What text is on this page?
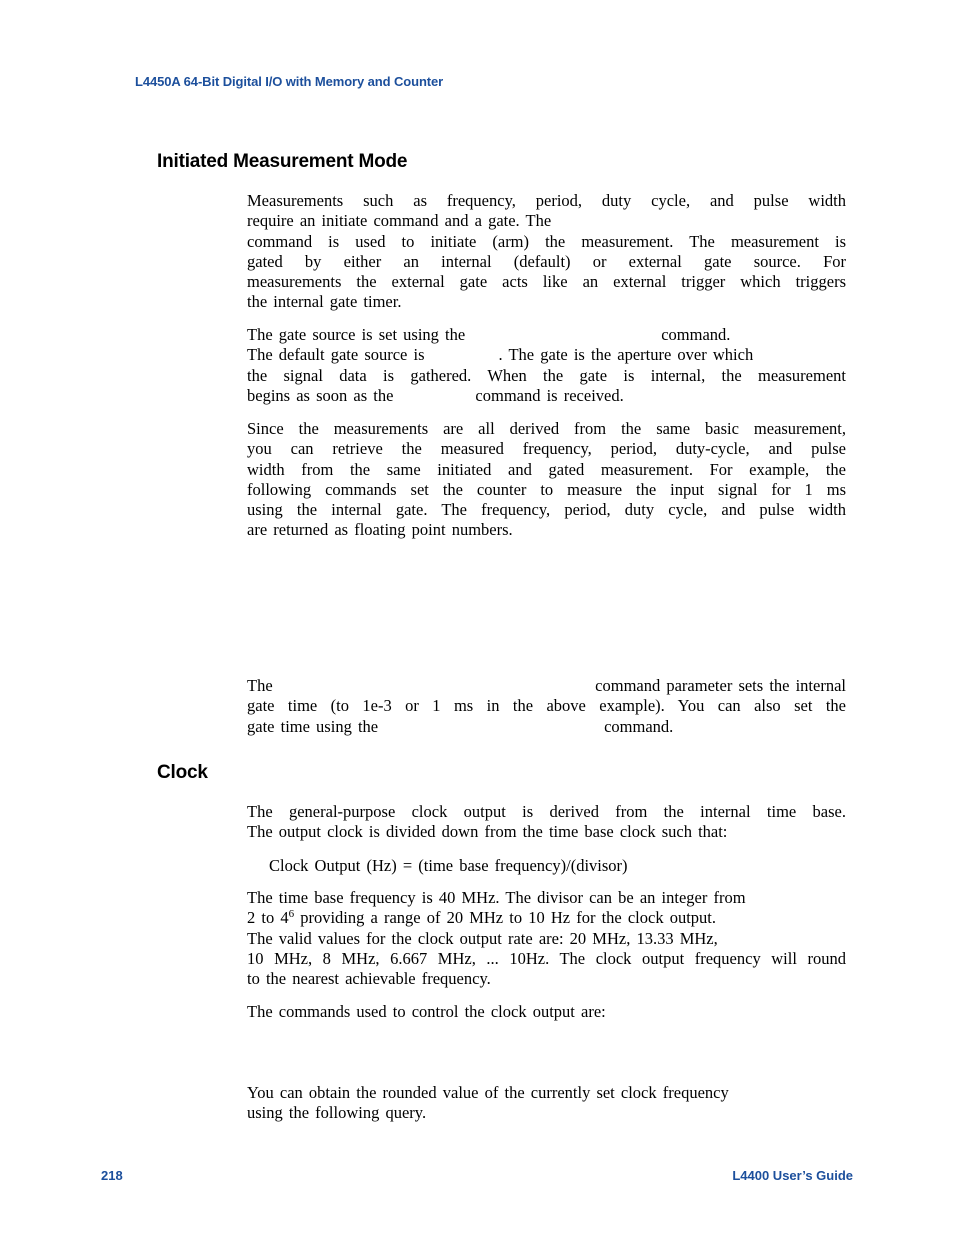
L4450A 64-Bit Digital I/O with Memory and Counter
Initiated Measurement Mode
Measurements such as frequency, period, duty cycle, and pulse width
require an initiate command and a gate. The
command is used to initiate (arm) the measurement. The measurement is
gated by either an internal (default) or external gate source. For
measurements the external gate acts like an external trigger which triggers
the internal gate timer.
The gate source is set using the	command.
The default gate source is	. The gate is the aperture over which
the signal data is gathered. When the gate is internal, the measurement
begins as soon as the	command is received.
Since the measurements are all derived from the same basic measurement,
you can retrieve the measured frequency, period, duty-cycle, and pulse
width from the same initiated and gated measurement. For example, the
following commands set the counter to measure the input signal for 1 ms
using the internal gate. The frequency, period, duty cycle, and pulse width
are returned as floating point numbers.
The	command parameter sets the internal
gate time (to 1e-3 or 1 ms in the above example). You can also set the
gate time using the	command.
Clock
The general-purpose clock output is derived from the internal time base.
The output clock is divided down from the time base clock such that:
Clock Output (Hz) = (time base frequency)/(divisor)
The time base frequency is 40 MHz. The divisor can be an integer from
2 to $4^6$ providing a range of 20 MHz to 10 Hz for the clock output.
The valid values for the clock output rate are: 20 MHz, 13.33 MHz,
10 MHz, 8 MHz, 6.667 MHz, ... 10Hz. The clock output frequency will round
to the nearest achievable frequency.
The commands used to control the clock output are:
You can obtain the rounded value of the currently set clock frequency
using the following query.
218	L4400 User’s Guide
